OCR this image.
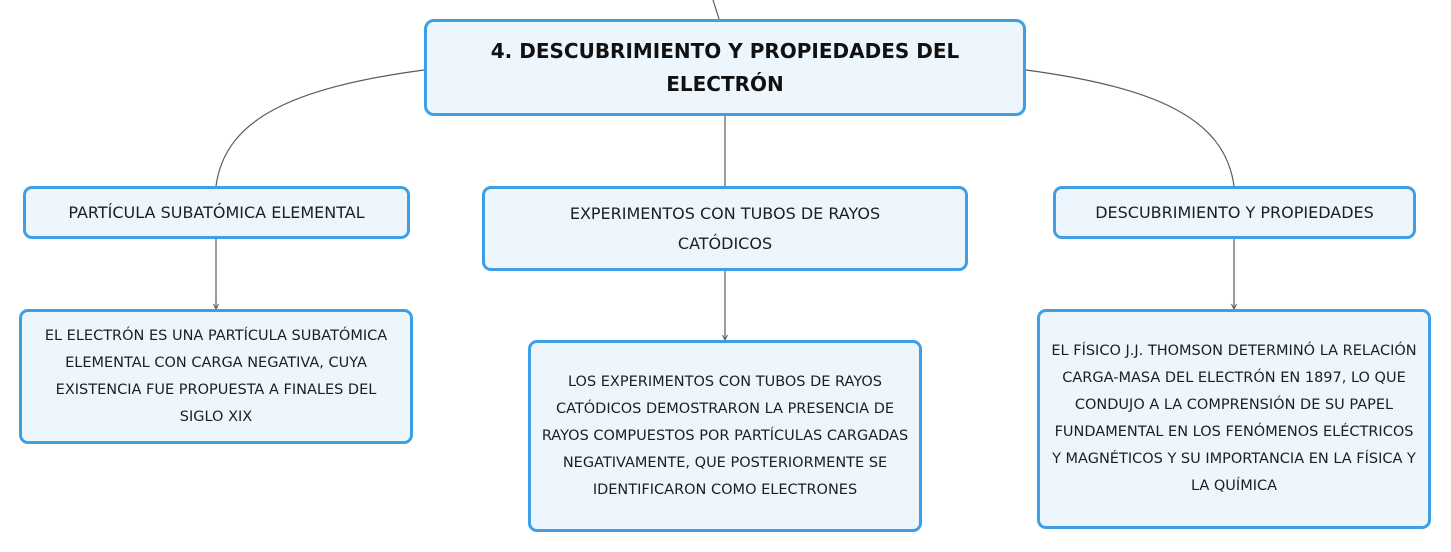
4. DESCUBRIMIENTO Y PROPIEDADES DEL ELECTRÓN
PARTÍCULA SUBATÓMICA ELEMENTAL	EXPERIMENTOS CON TUBOS DE RAYOS CATÓDICOS
DESCUBRIMIENTO Y PROPIEDADES
EL ELECTRÓN ES UNA PARTÍCULA SUBATÓMICA ELEMENTAL CON CARGA NEGATIVA, CUYA EXISTENCIA FUE PROPUESTA A FINALES DEL SIGLO XIX
LOS EXPERIMENTOS CON TUBOS DE RAYOS CATÓDICOS DEMOSTRARON LA PRESENCIA DE RAYOS COMPUESTOS POR PARTÍCULAS CARGADAS NEGATIVAMENTE, QUE POSTERIORMENTE SE IDENTIFICARON COMO ELECTRONES
EL FÍSICO J.J. THOMSON DETERMINÓ LA RELACIÓN CARGA-MASA DEL ELECTRÓN EN 1897, LO QUE CONDUJO A LA COMPRENSIÓN DE SU PAPEL FUNDAMENTAL EN LOS FENÓMENOS ELÉCTRICOS Y MAGNÉTICOS Y SU IMPORTANCIA EN LA FÍSICA Y LA QUÍMICA
